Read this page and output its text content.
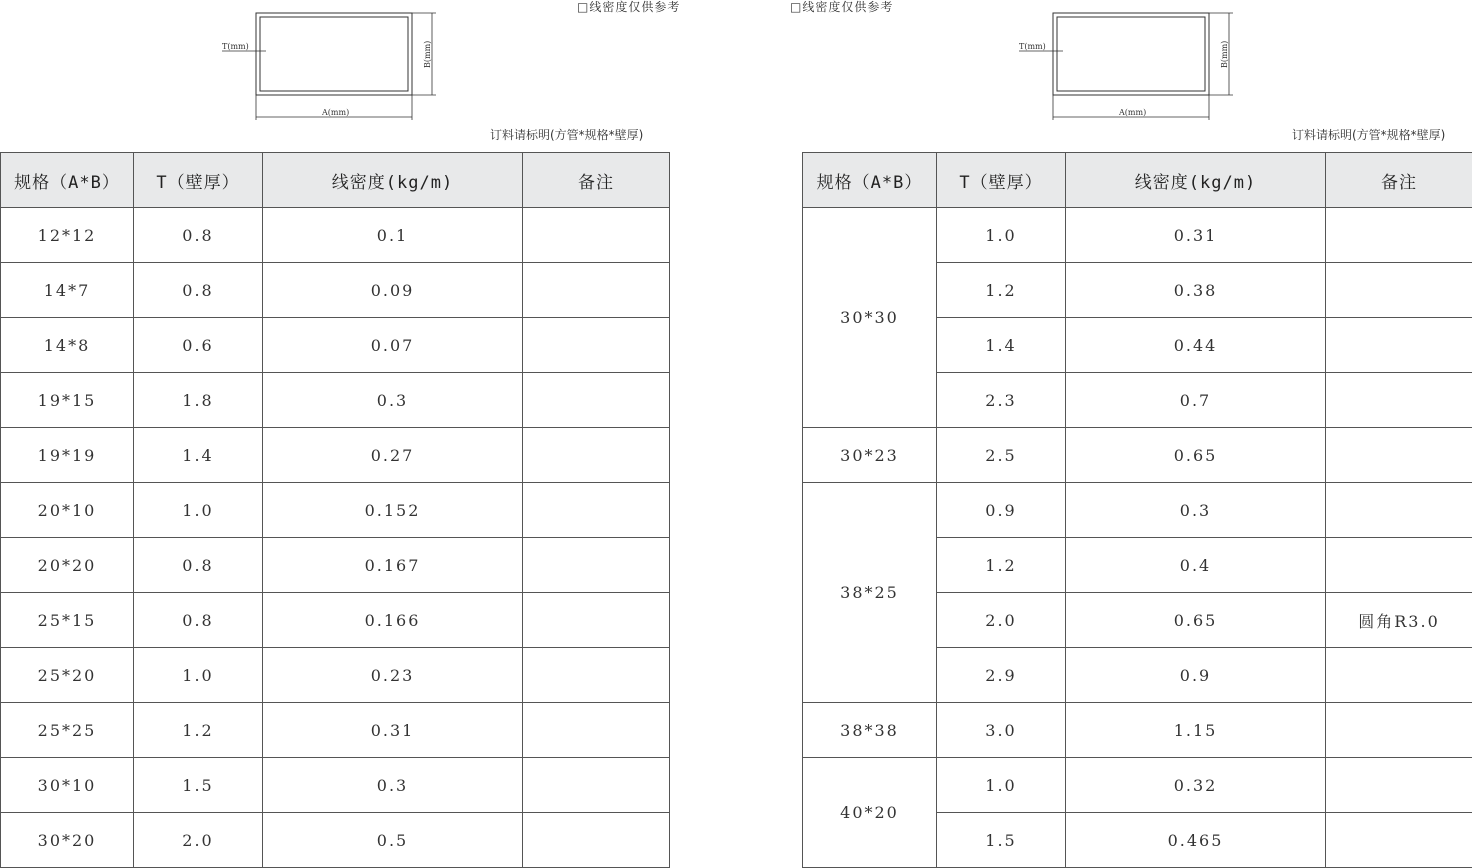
□线密度仅供参考	□线密度仅供参考
T(mm)	B(mm)
A(mm)
T(mm)	B(mm)
A(mm)
订料请标明(方管*规格*壁厚)	订料请标明(方管*规格*壁厚)
规格（A*B）	T（壁厚）	线密度(kg/m)	备注
12*12	0.8	0.1	
14*7	0.8	0.09	
14*8	0.6	0.07	
19*15	1.8	0.3	
19*19	1.4	0.27	
20*10	1.0	0.152	
20*20	0.8	0.167	
25*15	0.8	0.166	
25*20	1.0	0.23	
25*25	1.2	0.31	
30*10	1.5	0.3	
30*20	2.0	0.5	
规格（A*B）	T（壁厚）	线密度(kg/m)	备注
30*30	1.0	0.31	
	1.2	0.38	
	1.4	0.44	
	2.3	0.7	
30*23	2.5	0.65	
38*25	0.9	0.3	
	1.2	0.4	
	2.0	0.65	圆角R3.0
	2.9	0.9	
38*38	3.0	1.15	
40*20	1.0	0.32	
	1.5	0.465	
